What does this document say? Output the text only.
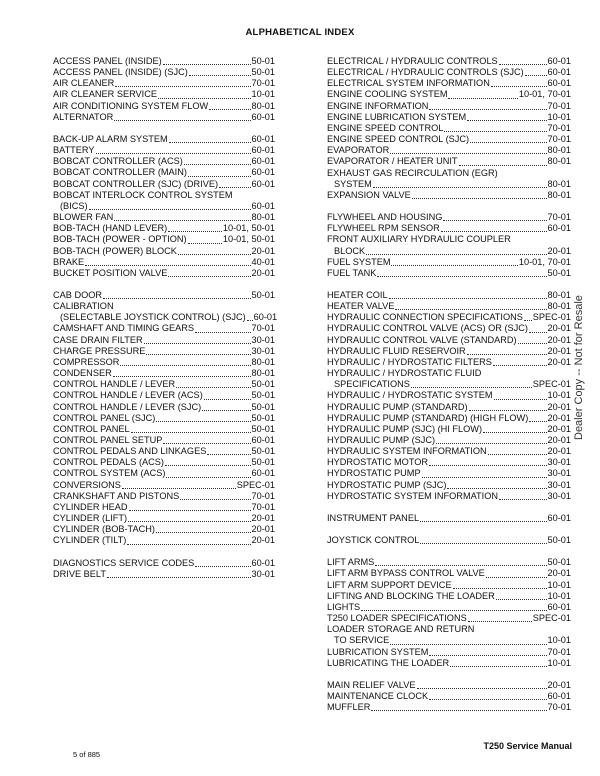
ALPHABETICAL INDEX
ACCESS PANEL (INSIDE)	50-01
ACCESS PANEL (INSIDE) (SJC)	50-01
AIR CLEANER	70-01
AIR CLEANER SERVICE	10-01
AIR CONDITIONING SYSTEM FLOW	80-01
ALTERNATOR	60-01
BACK-UP ALARM SYSTEM	60-01
BATTERY	60-01
BOBCAT CONTROLLER (ACS)	60-01
BOBCAT CONTROLLER (MAIN)	60-01
BOBCAT CONTROLLER (SJC) (DRIVE)	60-01
BOBCAT INTERLOCK CONTROL SYSTEM
(BICS)	60-01
BLOWER FAN	80-01
BOB-TACH (HAND LEVER)	10-01, 50-01
BOB-TACH (POWER - OPTION)	10-01, 50-01
BOB-TACH (POWER) BLOCK	20-01
BRAKE	40-01
BUCKET POSITION VALVE	20-01
CAB DOOR	50-01
CALIBRATION
(SELECTABLE JOYSTICK CONTROL) (SJC) 60-01
CAMSHAFT AND TIMING GEARS	70-01
CASE DRAIN FILTER	30-01
CHARGE PRESSURE	30-01
COMPRESSOR	80-01
CONDENSER	80-01
CONTROL HANDLE / LEVER	50-01
CONTROL HANDLE / LEVER (ACS)	50-01
CONTROL HANDLE / LEVER (SJC)	50-01
CONTROL PANEL (SJC)	50-01
CONTROL PANEL	50-01
CONTROL PANEL SETUP	60-01
CONTROL PEDALS AND LINKAGES	50-01
CONTROL PEDALS (ACS)	50-01
CONTROL SYSTEM (ACS)	60-01
CONVERSIONS	SPEC-01
CRANKSHAFT AND PISTONS	70-01
CYLINDER HEAD	70-01
CYLINDER (LIFT)	20-01
CYLINDER (BOB-TACH)	20-01
CYLINDER (TILT)	20-01
DIAGNOSTICS SERVICE CODES	60-01
DRIVE BELT	30-01
ELECTRICAL / HYDRAULIC CONTROLS	60-01
ELECTRICAL / HYDRAULIC CONTROLS (SJC)	60-01
ELECTRICAL SYSTEM INFORMATION	60-01
ENGINE COOLING SYSTEM	10-01, 70-01
ENGINE INFORMATION	70-01
ENGINE LUBRICATION SYSTEM	10-01
ENGINE SPEED CONTROL	70-01
ENGINE SPEED CONTROL (SJC)	70-01
EVAPORATOR	80-01
EVAPORATOR / HEATER UNIT	80-01
EXHAUST GAS RECIRCULATION (EGR)
SYSTEM	80-01
EXPANSION VALVE	80-01
FLYWHEEL AND HOUSING	70-01
FLYWHEEL RPM SENSOR	60-01
FRONT AUXILIARY HYDRAULIC COUPLER
BLOCK	20-01
FUEL SYSTEM	10-01, 70-01
FUEL TANK	50-01
HEATER COIL	80-01
HEATER VALVE	80-01
HYDRAULIC CONNECTION SPECIFICATIONS SPEC-01
HYDRAULIC CONTROL VALVE (ACS) OR (SJC) 20-01
HYDRAULIC CONTROL VALVE (STANDARD)	20-01
HYDRAULIC FLUID RESERVOIR	20-01
HYDRAULIC / HYDROSTATIC FILTERS	20-01
HYDRAULIC / HYDROSTATIC FLUID
SPECIFICATIONS	SPEC-01
HYDRAULIC / HYDROSTATIC SYSTEM	10-01
HYDRAULIC PUMP (STANDARD)	20-01
HYDRAULIC PUMP (STANDARD) (HIGH FLOW) 20-01
HYDRAULIC PUMP (SJC) (HI FLOW)	20-01
HYDRAULIC PUMP (SJC)	20-01
HYDRAULIC SYSTEM INFORMATION	20-01
HYDROSTATIC MOTOR	30-01
HYDROSTATIC PUMP	30-01
HYDROSTATIC PUMP (SJC)	30-01
HYDROSTATIC SYSTEM INFORMATION	30-01
INSTRUMENT PANEL	60-01
JOYSTICK CONTROL	50-01
LIFT ARMS	50-01
LIFT ARM BYPASS CONTROL VALVE	20-01
LIFT ARM SUPPORT DEVICE	10-01
LIFTING AND BLOCKING THE LOADER	10-01
LIGHTS	60-01
T250 LOADER SPECIFICATIONS	SPEC-01
LOADER STORAGE AND RETURN
TO SERVICE	10-01
LUBRICATION SYSTEM	70-01
LUBRICATING THE LOADER	10-01
MAIN RELIEF VALVE	20-01
MAINTENANCE CLOCK	60-01
MUFFLER	70-01
Dealer Copy -- Not for Resale
5 of 885
T250 Service Manual
